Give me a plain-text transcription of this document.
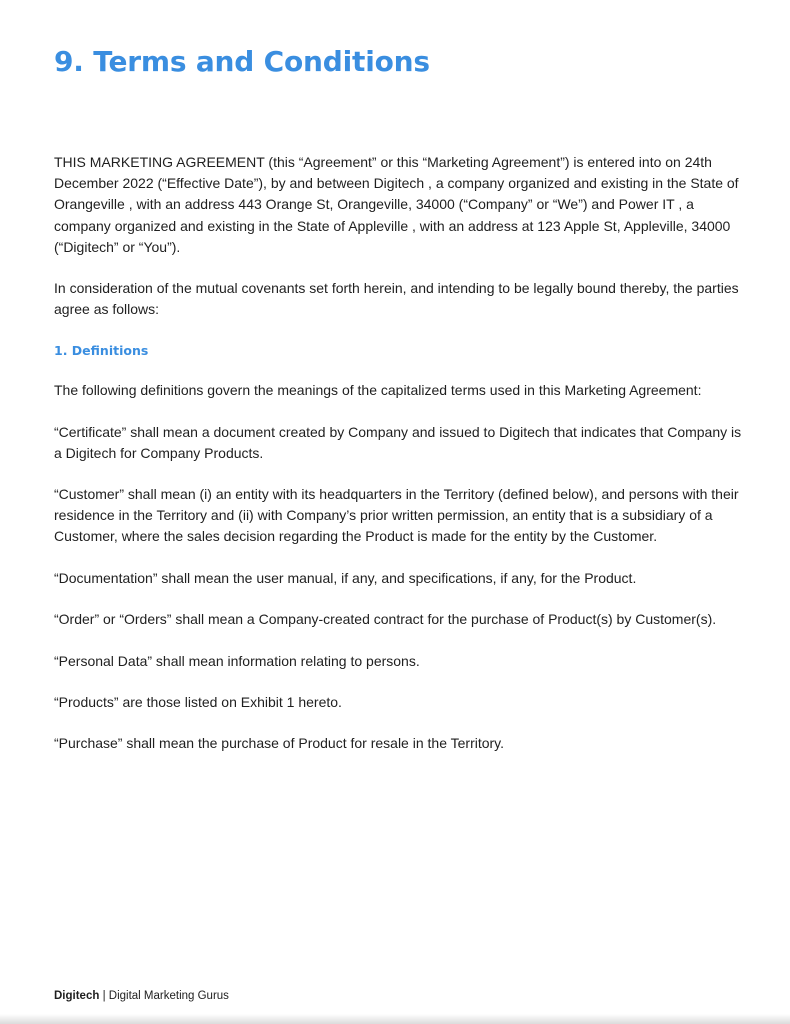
9. Terms and Conditions

THIS MARKETING AGREEMENT (this “Agreement” or this “Marketing Agreement”) is entered into on 24th December 2022 (“Effective Date”), by and between Digitech , a company organized and existing in the State of Orangeville , with an address 443 Orange St, Orangeville, 34000 (“Company” or “We”) and Power IT , a company organized and existing in the State of Appleville , with an address at 123 Apple St, Appleville, 34000 (“Digitech” or “You”).

In consideration of the mutual covenants set forth herein, and intending to be legally bound thereby, the parties agree as follows:

1. Definitions

The following definitions govern the meanings of the capitalized terms used in this Marketing Agreement:

“Certificate” shall mean a document created by Company and issued to Digitech that indicates that Company is a Digitech for Company Products.

“Customer” shall mean (i) an entity with its headquarters in the Territory (defined below), and persons with their residence in the Territory and (ii) with Company’s prior written permission, an entity that is a subsidiary of a Customer, where the sales decision regarding the Product is made for the entity by the Customer.

“Documentation” shall mean the user manual, if any, and specifications, if any, for the Product.

“Order” or “Orders” shall mean a Company-created contract for the purchase of Product(s) by Customer(s).

“Personal Data” shall mean information relating to persons.

“Products” are those listed on Exhibit 1 hereto.

“Purchase” shall mean the purchase of Product for resale in the Territory.

Digitech | Digital Marketing Gurus
